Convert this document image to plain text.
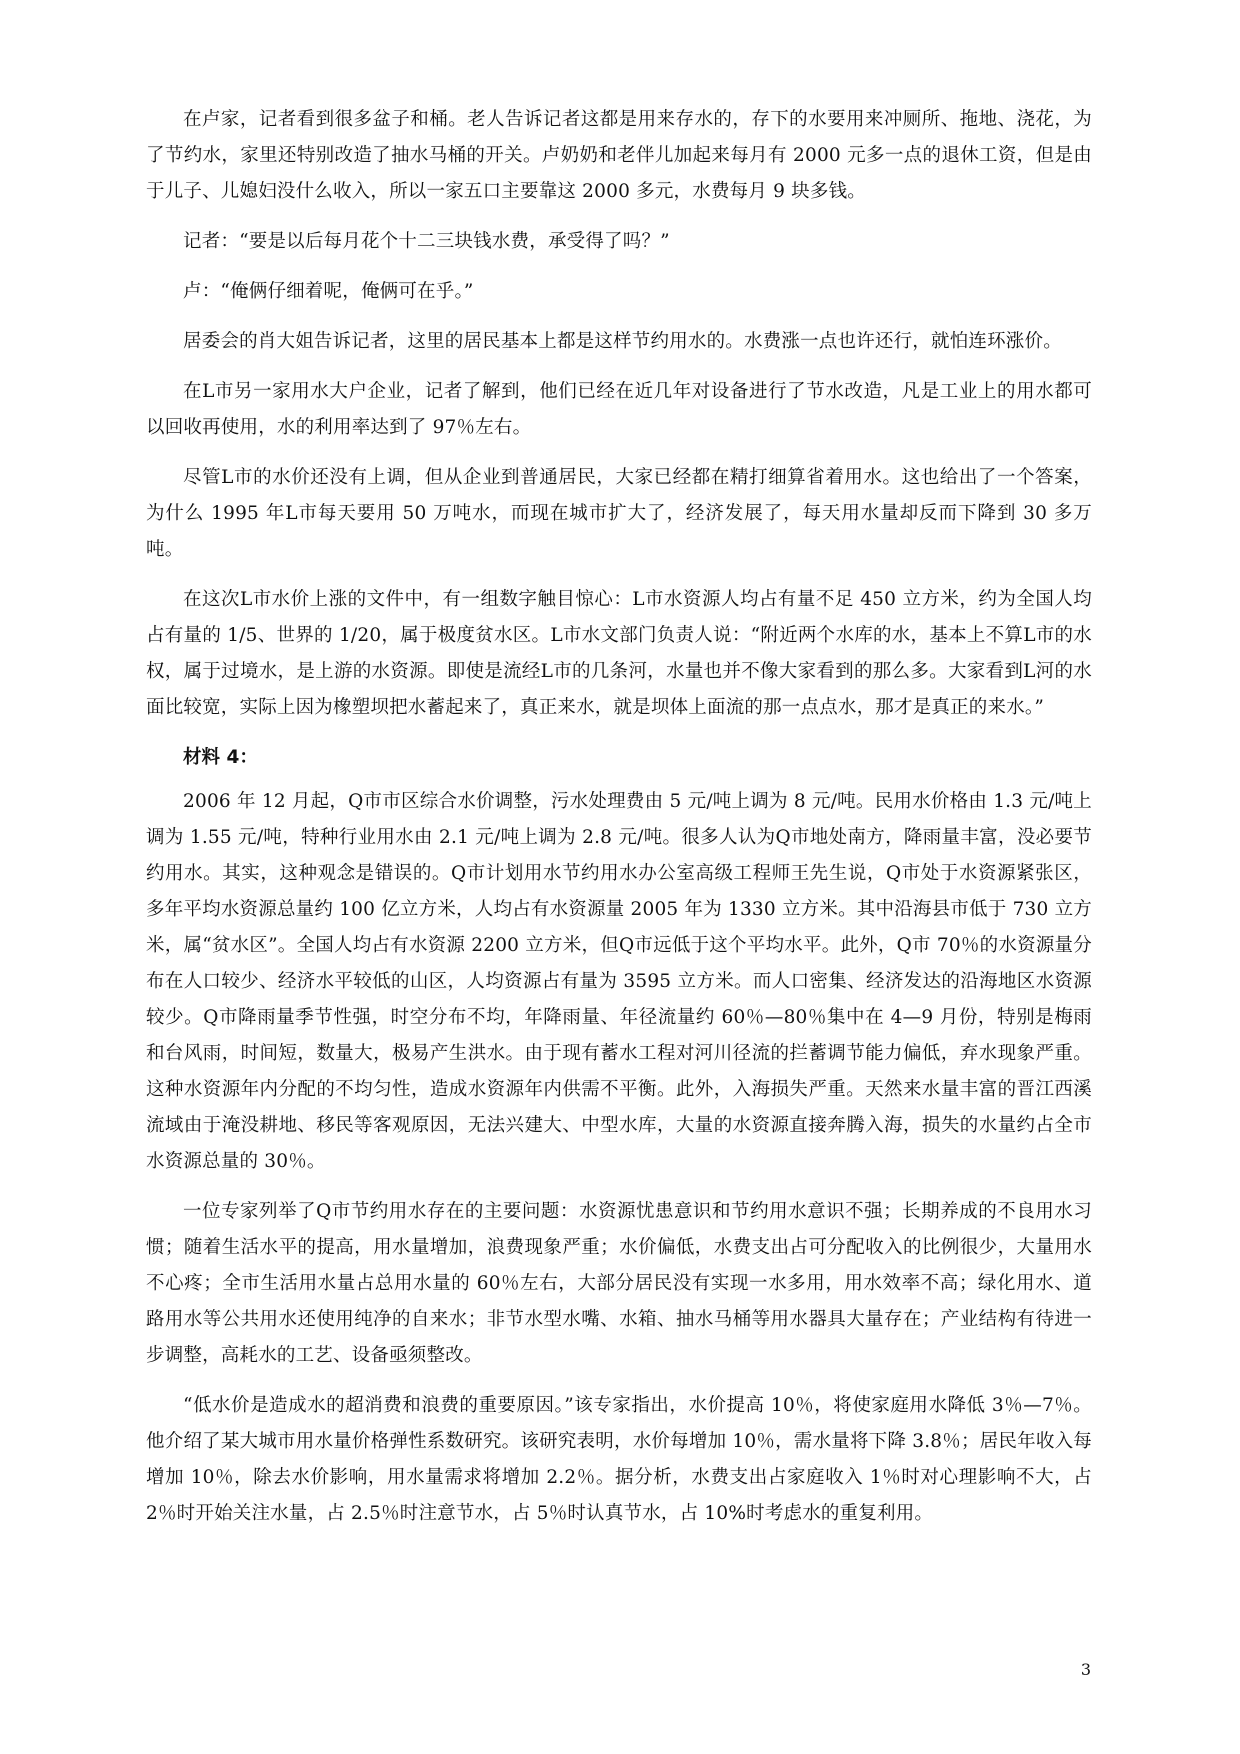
在卢家，记者看到很多盆子和桶。老人告诉记者这都是用来存水的，存下的水要用来冲厕所、拖地、浇花，为了节约水，家里还特别改造了抽水马桶的开关。卢奶奶和老伴儿加起来每月有 2000 元多一点的退休工资，但是由于儿子、儿媳妇没什么收入，所以一家五口主要靠这 2000 多元，水费每月 9 块多钱。

记者：“要是以后每月花个十二三块钱水费，承受得了吗？”

卢：“俺俩仔细着呢，俺俩可在乎。”

居委会的肖大姐告诉记者，这里的居民基本上都是这样节约用水的。水费涨一点也许还行，就怕连环涨价。

在L市另一家用水大户企业，记者了解到，他们已经在近几年对设备进行了节水改造，凡是工业上的用水都可以回收再使用，水的利用率达到了 97％左右。

尽管L市的水价还没有上调，但从企业到普通居民，大家已经都在精打细算省着用水。这也给出了一个答案，为什么 1995 年L市每天要用 50 万吨水，而现在城市扩大了，经济发展了，每天用水量却反而下降到 30 多万吨。

在这次L市水价上涨的文件中，有一组数字触目惊心：L市水资源人均占有量不足 450 立方米，约为全国人均占有量的 1/5、世界的 1/20，属于极度贫水区。L市水文部门负责人说：“附近两个水库的水，基本上不算L市的水权，属于过境水，是上游的水资源。即使是流经L市的几条河，水量也并不像大家看到的那么多。大家看到L河的水面比较宽，实际上因为橡塑坝把水蓄起来了，真正来水，就是坝体上面流的那一点点水，那才是真正的来水。”

材料 4：

2006 年 12 月起，Q市市区综合水价调整，污水处理费由 5 元/吨上调为 8 元/吨。民用水价格由 1.3 元/吨上调为 1.55 元/吨，特种行业用水由 2.1 元/吨上调为 2.8 元/吨。很多人认为Q市地处南方，降雨量丰富，没必要节约用水。其实，这种观念是错误的。Q市计划用水节约用水办公室高级工程师王先生说，Q市处于水资源紧张区，多年平均水资源总量约 100 亿立方米，人均占有水资源量 2005 年为 1330 立方米。其中沿海县市低于 730 立方米，属“贫水区”。全国人均占有水资源 2200 立方米，但Q市远低于这个平均水平。此外，Q市 70％的水资源量分布在人口较少、经济水平较低的山区，人均资源占有量为 3595 立方米。而人口密集、经济发达的沿海地区水资源较少。Q市降雨量季节性强，时空分布不均，年降雨量、年径流量约 60％—80％集中在 4—9 月份，特别是梅雨和台风雨，时间短，数量大，极易产生洪水。由于现有蓄水工程对河川径流的拦蓄调节能力偏低，弃水现象严重。这种水资源年内分配的不均匀性，造成水资源年内供需不平衡。此外，入海损失严重。天然来水量丰富的晋江西溪流域由于淹没耕地、移民等客观原因，无法兴建大、中型水库，大量的水资源直接奔腾入海，损失的水量约占全市水资源总量的 30％。

一位专家列举了Q市节约用水存在的主要问题：水资源忧患意识和节约用水意识不强；长期养成的不良用水习惯；随着生活水平的提高，用水量增加，浪费现象严重；水价偏低，水费支出占可分配收入的比例很少，大量用水不心疼；全市生活用水量占总用水量的 60％左右，大部分居民没有实现一水多用，用水效率不高；绿化用水、道路用水等公共用水还使用纯净的自来水；非节水型水嘴、水箱、抽水马桶等用水器具大量存在；产业结构有待进一步调整，高耗水的工艺、设备亟须整改。

“低水价是造成水的超消费和浪费的重要原因。”该专家指出，水价提高 10％，将使家庭用水降低 3％—7％。他介绍了某大城市用水量价格弹性系数研究。该研究表明，水价每增加 10％，需水量将下降 3.8％；居民年收入每增加 10％，除去水价影响，用水量需求将增加 2.2％。据分析，水费支出占家庭收入 1％时对心理影响不大，占 2％时开始关注水量，占 2.5％时注意节水，占 5％时认真节水，占 10%时考虑水的重复利用。

3
